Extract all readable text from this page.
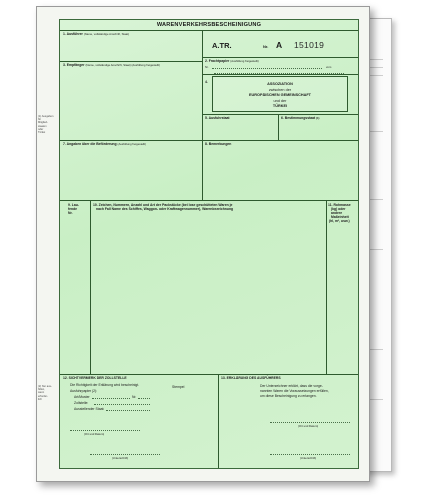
(1) Ausgaben
für
Mitglied-
staaten
oder
Türkei
(2) Nur aus-
füllen,
wenn
erforder-
lich
WARENVERKEHRSBESCHEINIGUNG
1. Ausführer (Name, vollständige Anschrift, Staat)
A.TR.	Nr. A 151019
2. Frachtpapier (Ausfüllung freigestellt)
Nr.	vom
3. Empfänger (Name, vollständige Anschrift, Staat) (Ausfüllung freigestellt)
4.	ASSOZIATION
zwischen der
EUROPÄISCHEN GEMEINSCHAFT
und der
TÜRKEI
5. Ausfuhrstaat	6. Bestimmungsstaat (1)
7. Angaben über die Beförderung (Ausfüllung freigestellt)	8. Bemerkungen
9. Lau-
fende
Nr.
10. Zeichen, Nummern, Anzahl und Art der Packstücke (bei lose geschütteten Waren je
nach Fall Name des Schiffes, Waggon- oder Kraftwagennummer), Warenbezeichnung
11. Rohmasse
(kg) oder
andere
Maßeinheit
(hl, m³, usw.)
12. SICHTVERMERK DER ZOLLSTELLE
Die Richtigkeit der Erklärung wird bescheinigt.
Ausfuhrpapier (2):
Art/Muster	Nr.
Zollstelle:
Ausstellender Staat:
Stempel
(Ort und Datum)
(Unterschrift)
13. ERKLÄRUNG DES AUSFÜHRERS
Der Unterzeichner erklärt, dass die vorge-
nannten Waren die Voraussetzungen erfüllen,
um diese Bescheinigung zu erlangen.
(Ort und Datum)
(Unterschrift)
